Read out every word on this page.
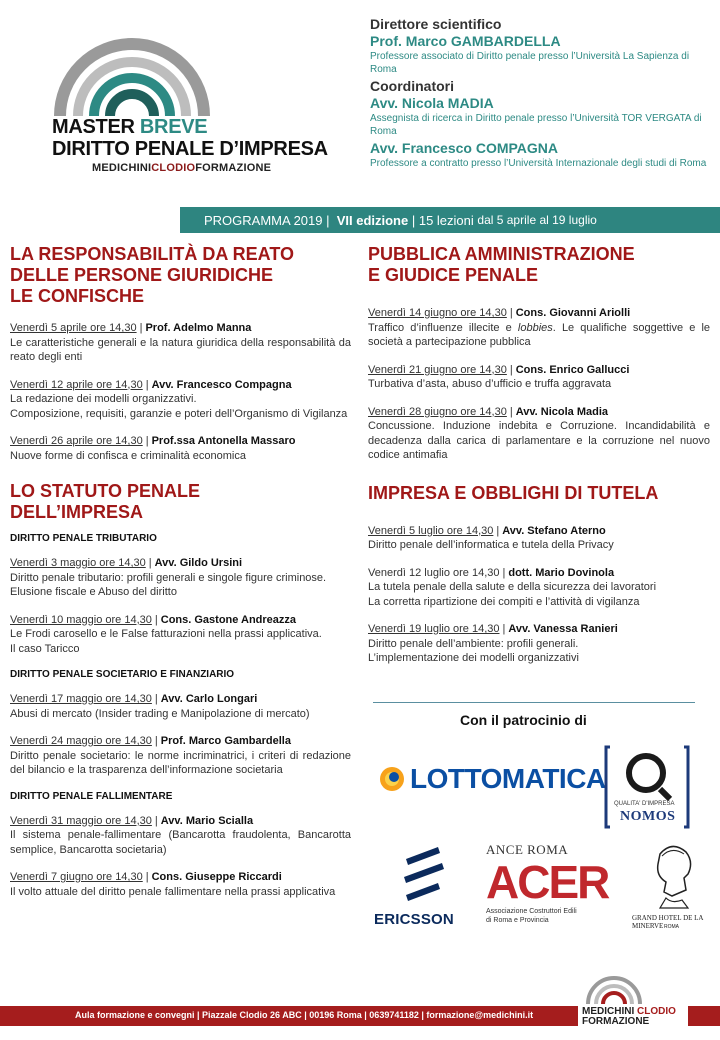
MASTER BREVE
DIRITTO PENALE D’IMPRESA
MEDICHINICLODIOFORMAZIONE
Direttore scientifico
Prof. Marco GAMBARDELLA
Professore associato di Diritto penale presso l’Università La Sapienza di Roma
Coordinatori
Avv. Nicola MADIA
Assegnista di ricerca in Diritto penale presso l’Università TOR VERGATA di Roma
Avv. Francesco COMPAGNA
Professore a contratto presso l’Università Internazionale degli studi di Roma
PROGRAMMA 2019 |
VII edizione
| 15 lezioni
dal 5 aprile al 19 luglio
LA RESPONSABILITÀ DA REATO
DELLE PERSONE GIURIDICHE
LE CONFISCHE
Venerdì 5 aprile ore 14,30 | Prof. Adelmo Manna
Le caratteristiche generali e la natura giuridica della responsabilità da reato degli enti
Venerdì 12 aprile ore 14,30 | Avv. Francesco Compagna
La redazione dei modelli organizzativi.
Composizione, requisiti, garanzie e poteri dell’Organismo di Vigilanza
Venerdì 26 aprile ore 14,30 | Prof.ssa Antonella Massaro
Nuove forme di confisca e criminalità economica
LO STATUTO PENALE
DELL’IMPRESA
DIRITTO PENALE TRIBUTARIO
Venerdì 3 maggio ore 14,30 | Avv. Gildo Ursini
Diritto penale tributario: profili generali e singole figure criminose.
Elusione fiscale e Abuso del diritto
Venerdì 10 maggio ore 14,30 | Cons. Gastone Andreazza
Le Frodi carosello e le False fatturazioni nella prassi applicativa.
Il caso Taricco
DIRITTO PENALE SOCIETARIO E FINANZIARIO
Venerdì 17 maggio ore 14,30 | Avv. Carlo Longari
Abusi di mercato (Insider trading e Manipolazione di mercato)
Venerdì 24 maggio ore 14,30 | Prof. Marco Gambardella
Diritto penale societario: le norme incriminatrici, i criteri di redazione del bilancio e la trasparenza dell’informazione societaria
DIRITTO PENALE FALLIMENTARE
Venerdì 31 maggio ore 14,30 | Avv. Mario Scialla
Il sistema penale-fallimentare (Bancarotta fraudolenta, Bancarotta semplice, Bancarotta societaria)
Venerdì 7 giugno ore 14,30 | Cons. Giuseppe Riccardi
Il volto attuale del diritto penale fallimentare nella prassi applicativa
PUBBLICA AMMINISTRAZIONE
E GIUDICE PENALE
Venerdì 14 giugno ore 14,30 | Cons. Giovanni Ariolli
Traffico d’influenze illecite e lobbies. Le qualifiche soggettive e le società a partecipazione pubblica
Venerdì 21 giugno ore 14,30 | Cons. Enrico Gallucci
Turbativa d’asta, abuso d’ufficio e truffa aggravata
Venerdì 28 giugno ore 14,30 | Avv. Nicola Madia
Concussione. Induzione indebita e Corruzione. Incandidabilità e decadenza dalla carica di parlamentare e la corruzione nel nuovo codice antimafia
IMPRESA E OBBLIGHI DI TUTELA
Venerdì 5 luglio ore 14,30 | Avv. Stefano Aterno
Diritto penale dell’informatica e tutela della Privacy
Venerdì 12 luglio ore 14,30 | dott. Mario Dovinola
La tutela penale della salute e della sicurezza dei lavoratori
La corretta ripartizione dei compiti e l’attività di vigilanza
Venerdì 19 luglio ore 14,30 | Avv. Vanessa Ranieri
Diritto penale dell’ambiente: profili generali.
L’implementazione dei modelli organizzativi
Con il patrocinio di
LOTTOMATICA
QUALITA' D'IMPRESA
NOMOS
ERICSSON
ANCE ROMA
ACER
Associazione Costruttori Edili
di Roma e Provincia	GRAND HOTEL DE LA MINERVE ROMA
Aula formazione e convegni | Piazzale Clodio 26 ABC | 00196 Roma | 0639741182 | formazione@medichini.it	MEDICHINI CLODIO
FORMAZIONE
